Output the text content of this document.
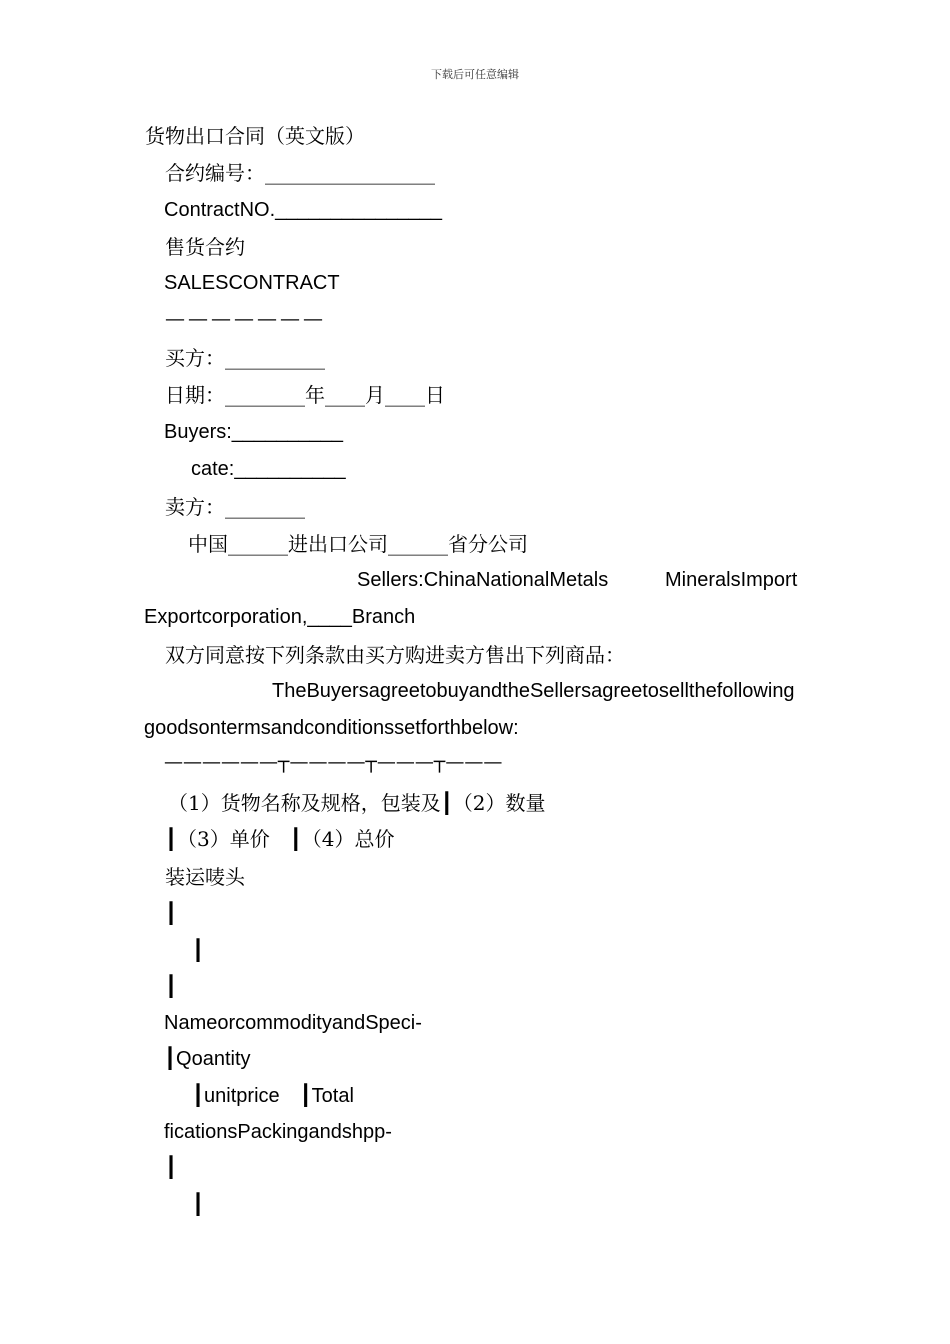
下载后可任意编辑
货物出口合同（英文版）
合约编号：_________________
ContractNO._______________
售货合约
SALESCONTRACT
———————
买方：__________
日期：________年____月____日
Buyers:__________
cate:__________
卖方：________
中国______进出口公司______省分公司
Sellers:ChinaNationalMetals	MineralsImport
Exportcorporation,____Branch
双方同意按下列条款由买方购进卖方售出下列商品：
TheBuyersagreetobuyandtheSellersagreetosellthefollowing
goodsontermsandconditionssetforthbelow:
——————┬————┬———┬———
（1）货物名称及规格，包装及┃（2）数量
┃（3）单价　┃（4）总价
装运唛头
┃
┃
┃
NameorcommodityandSpeci-
┃Qoantity
┃unitprice　┃Total
ficationsPackingandshpp-
┃
┃
